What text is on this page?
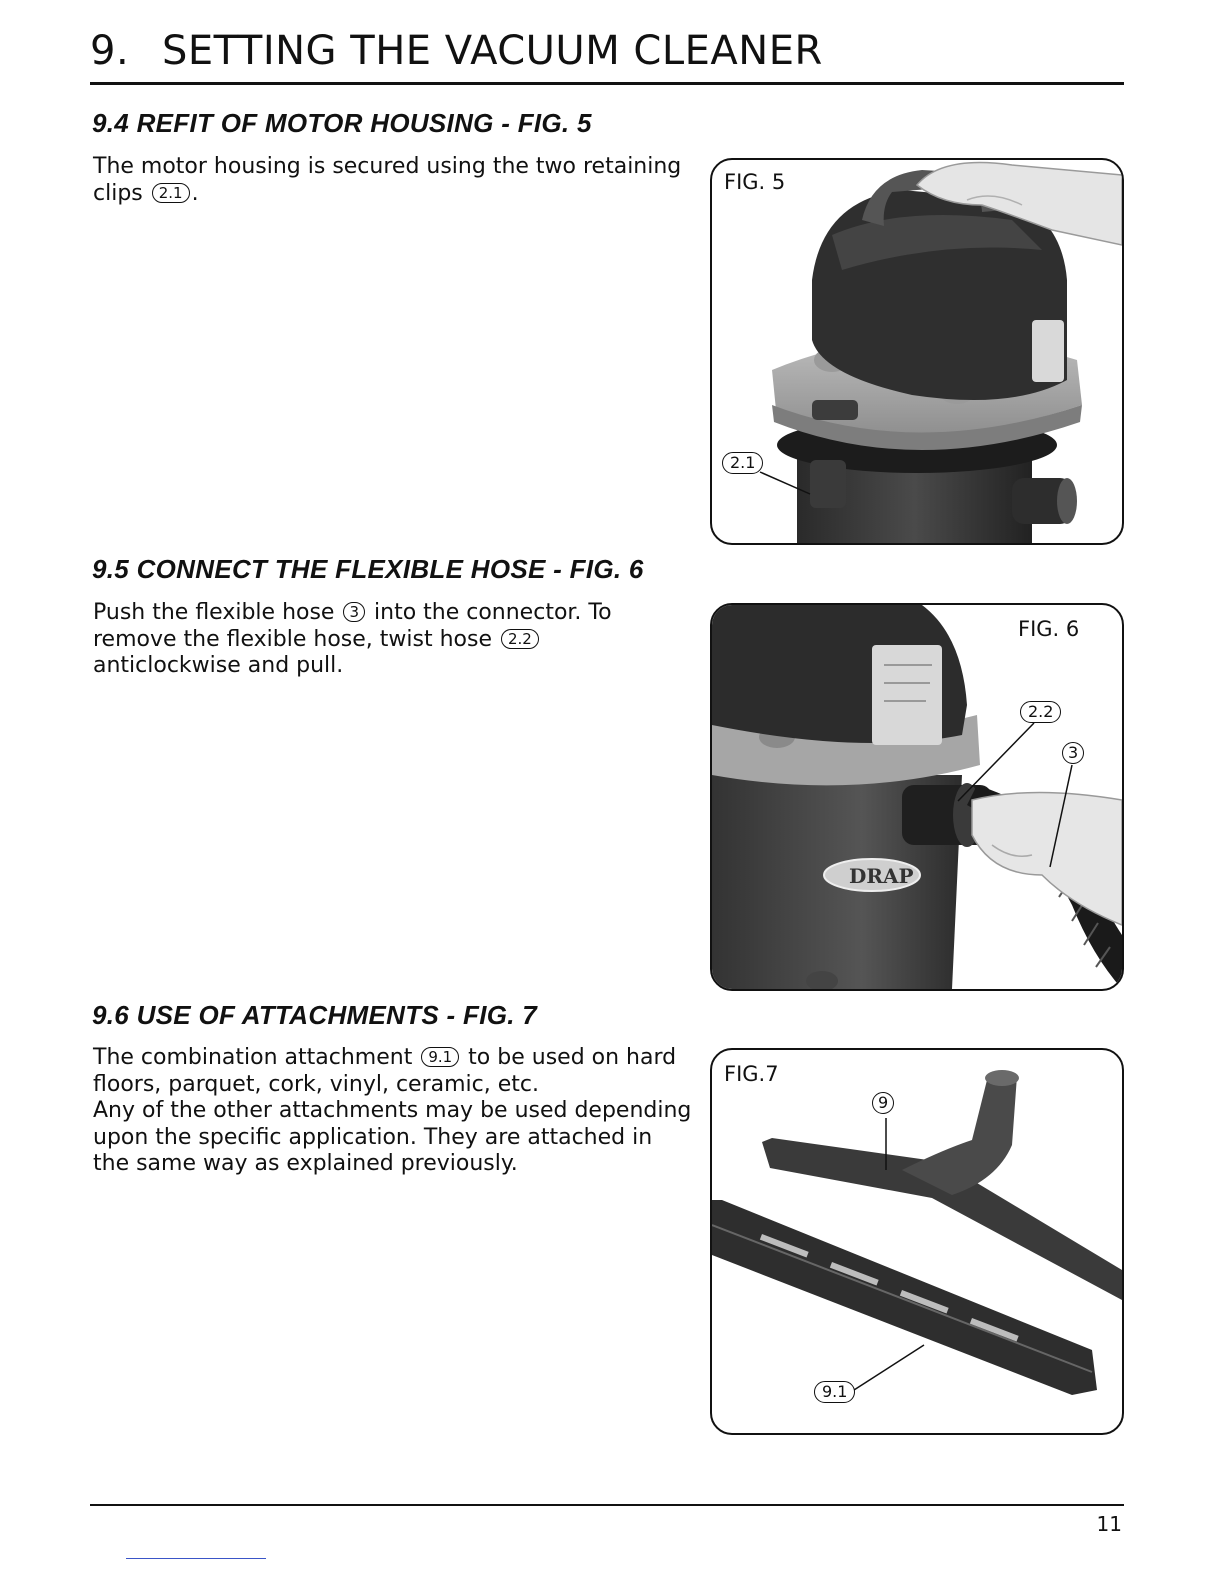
9. SETTING THE VACUUM CLEANER
9.4 REFIT OF MOTOR HOUSING - FIG. 5
The motor housing is secured using the two retaining
clips 2.1 .	FIG. 5
2.1
9.5 CONNECT THE FLEXIBLE HOSE - FIG. 6
Push the flexible hose 3 into the connector. To
remove the flexible hose, twist hose 2.2
anticlockwise and pull.
DRAP
FIG. 6
2.2
3
9.6 USE OF ATTACHMENTS - FIG. 7
The combination attachment 9.1 to be used on hard
floors, parquet, cork, vinyl, ceramic, etc.
Any of the other attachments may be used depending
upon the specific application. They are attached in
the same way as explained previously.
FIG.7
9
9.1
11
